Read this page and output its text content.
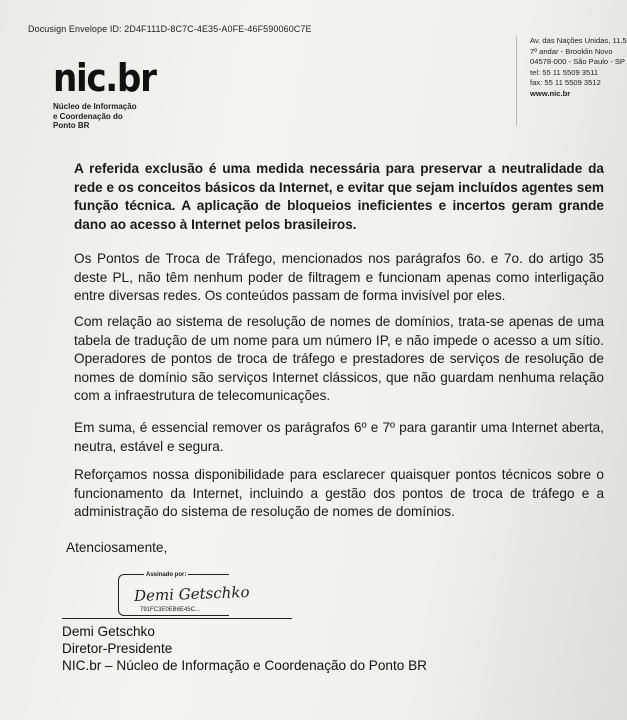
Docusign Envelope ID: 2D4F111D-8C7C-4E35-A0FE-46F590060C7E
nic.br
Núcleo de Informação
e Coordenação do
Ponto BR
Av. das Nações Unidas, 11.5
7º andar - Brooklin Novo
04578-000 - São Paulo - SP
tel: 55 11 5509 3511
fax: 55 11 5509 3512
www.nic.br
A referida exclusão é uma medida necessária para preservar a neutralidade da rede e os conceitos básicos da Internet, e evitar que sejam incluídos agentes sem função técnica. A aplicação de bloqueios ineficientes e incertos geram grande dano ao acesso à Internet pelos brasileiros.
Os Pontos de Troca de Tráfego, mencionados nos parágrafos 6o. e 7o. do artigo 35 deste PL, não têm nenhum poder de filtragem e funcionam apenas como interligação entre diversas redes. Os conteúdos passam de forma invisível por eles.
Com relação ao sistema de resolução de nomes de domínios, trata-se apenas de uma tabela de tradução de um nome para um número IP, e não impede o acesso a um sítio. Operadores de pontos de troca de tráfego e prestadores de serviços de resolução de nomes de domínio são serviços Internet clássicos, que não guardam nenhuma relação com a infraestrutura de telecomunicações.
Em suma, é essencial remover os parágrafos 6º e 7º para garantir uma Internet aberta, neutra, estável e segura.
Reforçamos nossa disponibilidade para esclarecer quaisquer pontos técnicos sobre o funcionamento da Internet, incluindo a gestão dos pontos de troca de tráfego e a administração do sistema de resolução de nomes de domínios.
Atenciosamente,
Assinado por:
Demi Getschko
791FC3E0EB6E45C...
Demi Getschko
Diretor-Presidente
NIC.br – Núcleo de Informação e Coordenação do Ponto BR
